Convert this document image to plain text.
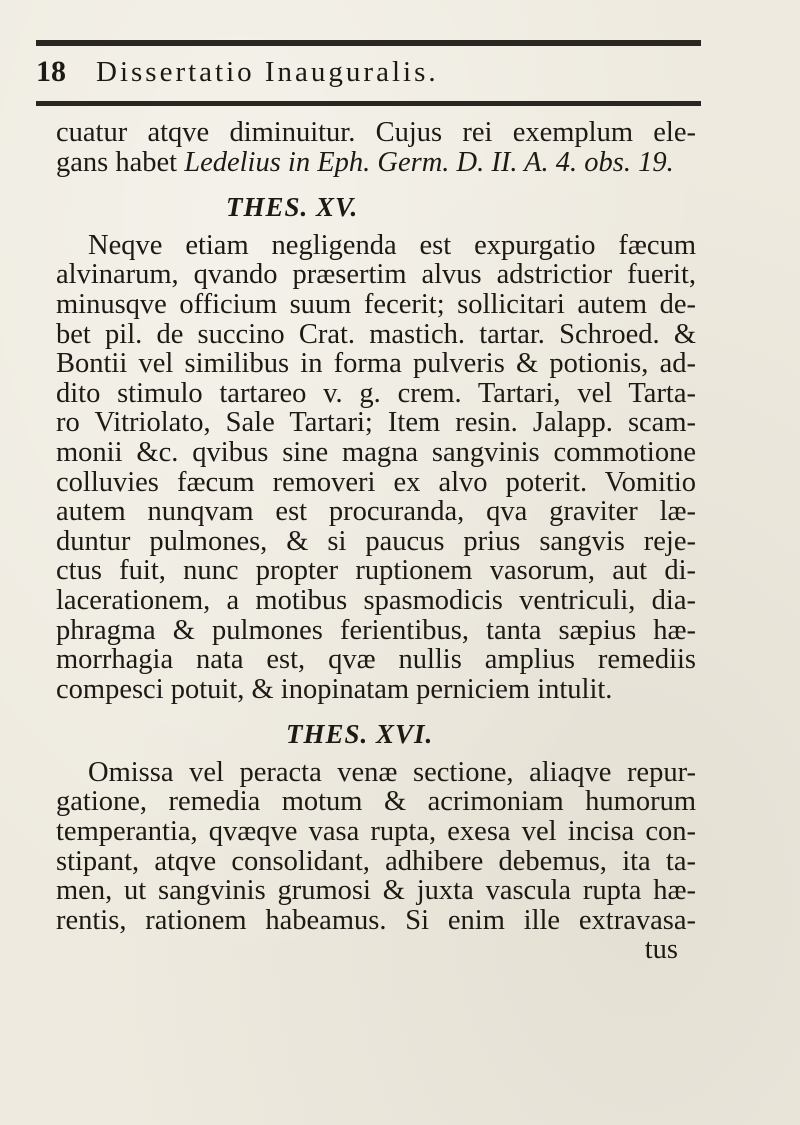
18 Dissertatio Inauguralis.
cuatur atqve diminuitur. Cujus rei exemplum ele-
gans habet Ledelius in Eph. Germ. D. II. A. 4. obs. 19.
THES. XV.
Neqve etiam negligenda est expurgatio fæcum
alvinarum, qvando præsertim alvus adstrictior fuerit,
minusqve officium suum fecerit; sollicitari autem de-
bet pil. de succino Crat. mastich. tartar. Schroed. &
Bontii vel similibus in forma pulveris & potionis, ad-
dito stimulo tartareo v. g. crem. Tartari, vel Tarta-
ro Vitriolato, Sale Tartari; Item resin. Jalapp. scam-
monii &c. qvibus sine magna sangvinis commotione
colluvies fæcum removeri ex alvo poterit. Vomitio
autem nunqvam est procuranda, qva graviter læ-
duntur pulmones, & si paucus prius sangvis reje-
ctus fuit, nunc propter ruptionem vasorum, aut di-
lacerationem, a motibus spasmodicis ventriculi, dia-
phragma & pulmones ferientibus, tanta sæpius hæ-
morrhagia nata est, qvæ nullis amplius remediis
compesci potuit, & inopinatam perniciem intulit.
THES. XVI.
Omissa vel peracta venæ sectione, aliaqve repur-
gatione, remedia motum & acrimoniam humorum
temperantia, qvæqve vasa rupta, exesa vel incisa con-
stipant, atqve consolidant, adhibere debemus, ita ta-
men, ut sangvinis grumosi & juxta vascula rupta hæ-
rentis, rationem habeamus. Si enim ille extravasa-
tus
